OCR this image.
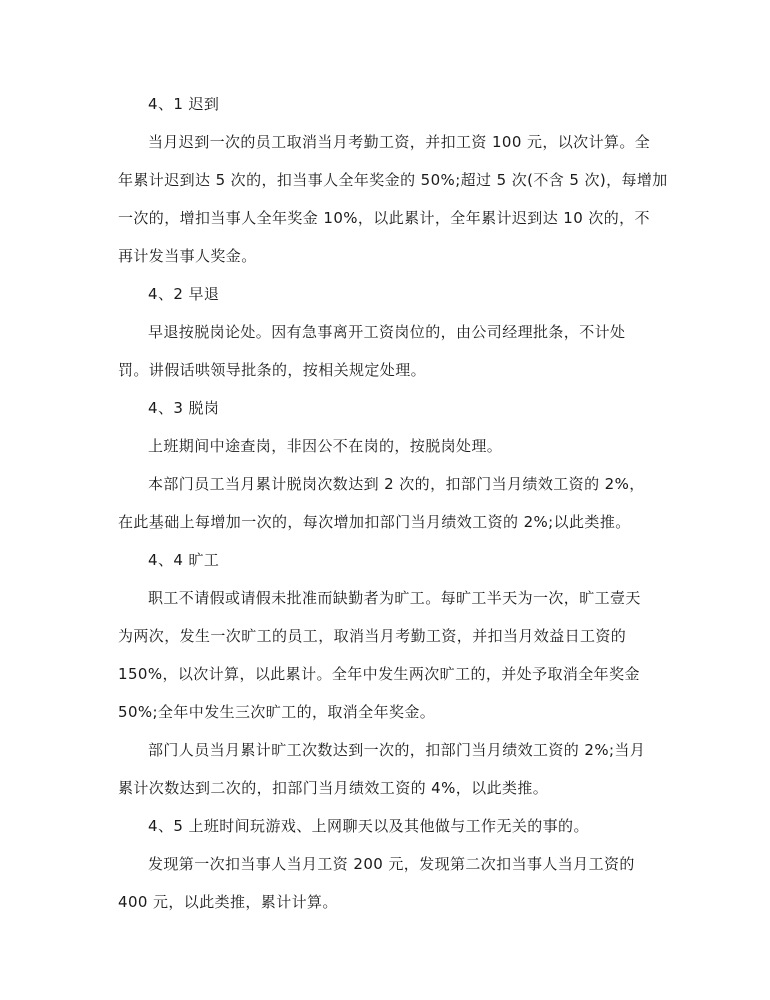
4、1 迟到
当月迟到一次的员工取消当月考勤工资，并扣工资 100 元，以次计算。全
年累计迟到达 5 次的，扣当事人全年奖金的 50%;超过 5 次(不含 5 次)，每增加
一次的，增扣当事人全年奖金 10%，以此累计，全年累计迟到达 10 次的，不
再计发当事人奖金。
4、2 早退
早退按脱岗论处。因有急事离开工资岗位的，由公司经理批条，不计处
罚。讲假话哄领导批条的，按相关规定处理。
4、3 脱岗
上班期间中途查岗，非因公不在岗的，按脱岗处理。
本部门员工当月累计脱岗次数达到 2 次的，扣部门当月绩效工资的 2%，
在此基础上每增加一次的，每次增加扣部门当月绩效工资的 2%;以此类推。
4、4 旷工
职工不请假或请假未批准而缺勤者为旷工。每旷工半天为一次，旷工壹天
为两次，发生一次旷工的员工，取消当月考勤工资，并扣当月效益日工资的
150%，以次计算，以此累计。全年中发生两次旷工的，并处予取消全年奖金
50%;全年中发生三次旷工的，取消全年奖金。
部门人员当月累计旷工次数达到一次的，扣部门当月绩效工资的 2%;当月
累计次数达到二次的，扣部门当月绩效工资的 4%，以此类推。
4、5 上班时间玩游戏、上网聊天以及其他做与工作无关的事的。
发现第一次扣当事人当月工资 200 元，发现第二次扣当事人当月工资的
400 元，以此类推，累计计算。
